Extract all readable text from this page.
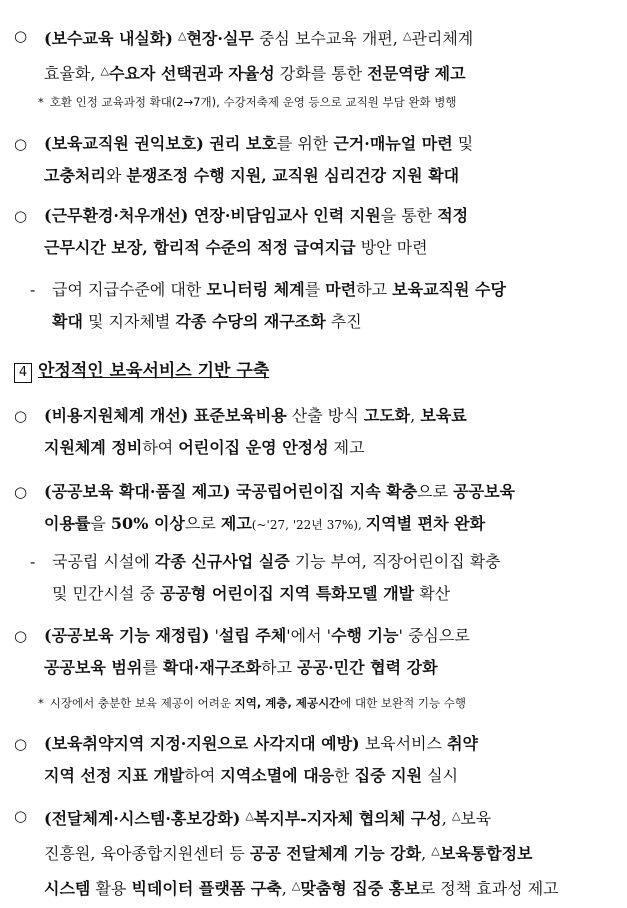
○	(보수교육 내실화) △현장·실무 중심 보수교육 개편, △관리체계
효율화, △수요자 선택권과 자율성 강화를 통한 전문역량 제고
* 호환 인정 교육과정 확대(2→7개), 수강저축제 운영 등으로 교직원 부담 완화 병행
○	(보육교직원 권익보호) 권리 보호를 위한 근거·매뉴얼 마련 및
고충처리와 분쟁조정 수행 지원, 교직원 심리건강 지원 확대
○	(근무환경·처우개선) 연장·비담임교사 인력 지원을 통한 적정
근무시간 보장, 합리적 수준의 적정 급여지급 방안 마련
-	급여 지급수준에 대한 모니터링 체계를 마련하고 보육교직원 수당
확대 및 지자체별 각종 수당의 재구조화 추진
4 안정적인 보육서비스 기반 구축
○	(비용지원체계 개선) 표준보육비용 산출 방식 고도화, 보육료
지원체계 정비하여 어린이집 운영 안정성 제고
○	(공공보육 확대·품질 제고) 국공립어린이집 지속 확충으로 공공보육
이용률을 50% 이상으로 제고(~'27, '22년 37%), 지역별 편차 완화
-	국공립 시설에 각종 신규사업 실증 기능 부여, 직장어린이집 확충
및 민간시설 중 공공형 어린이집 지역 특화모델 개발 확산
○	(공공보육 기능 재정립) '설립 주체'에서 '수행 기능' 중심으로
공공보육 범위를 확대·재구조화하고 공공·민간 협력 강화
* 시장에서 충분한 보육 제공이 어려운 지역, 계층, 제공시간에 대한 보완적 기능 수행
○	(보육취약지역 지정·지원으로 사각지대 예방) 보육서비스 취약
지역 선정 지표 개발하여 지역소멸에 대응한 집중 지원 실시
○	(전달체계·시스템·홍보강화) △복지부-지자체 협의체 구성, △보육
진흥원, 육아종합지원센터 등 공공 전달체계 기능 강화, △보육통합정보
시스템 활용 빅데이터 플랫폼 구축, △맞춤형 집중 홍보로 정책 효과성 제고
